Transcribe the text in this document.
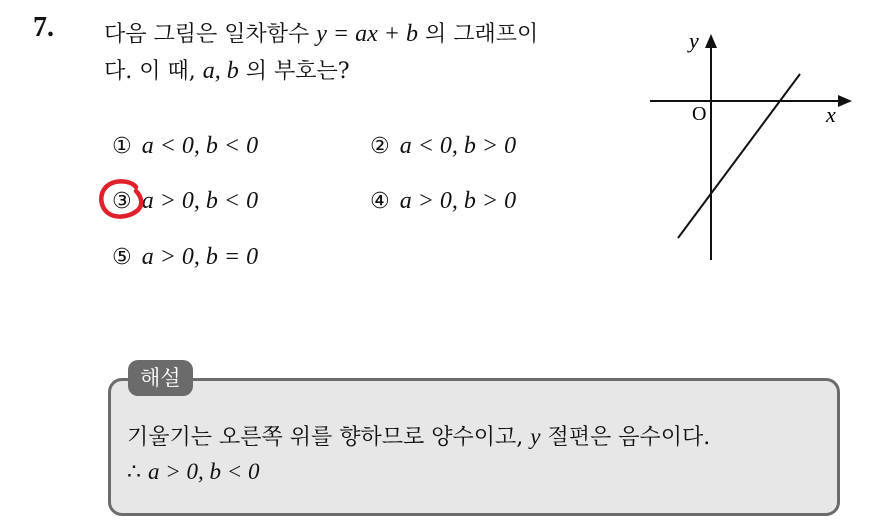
7. 다음 그림은 일차함수 y = ax + b 의 그래프이
다. 이 때, a, b 의 부호는?
① a < 0, b < 0	② a < 0, b > 0
③ a > 0, b < 0	④ a > 0, b > 0
⑤ a > 0, b = 0
y
x
O
해설
기울기는 오른쪽 위를 향하므로 양수이고, y 절편은 음수이다.
∴ a > 0, b < 0
